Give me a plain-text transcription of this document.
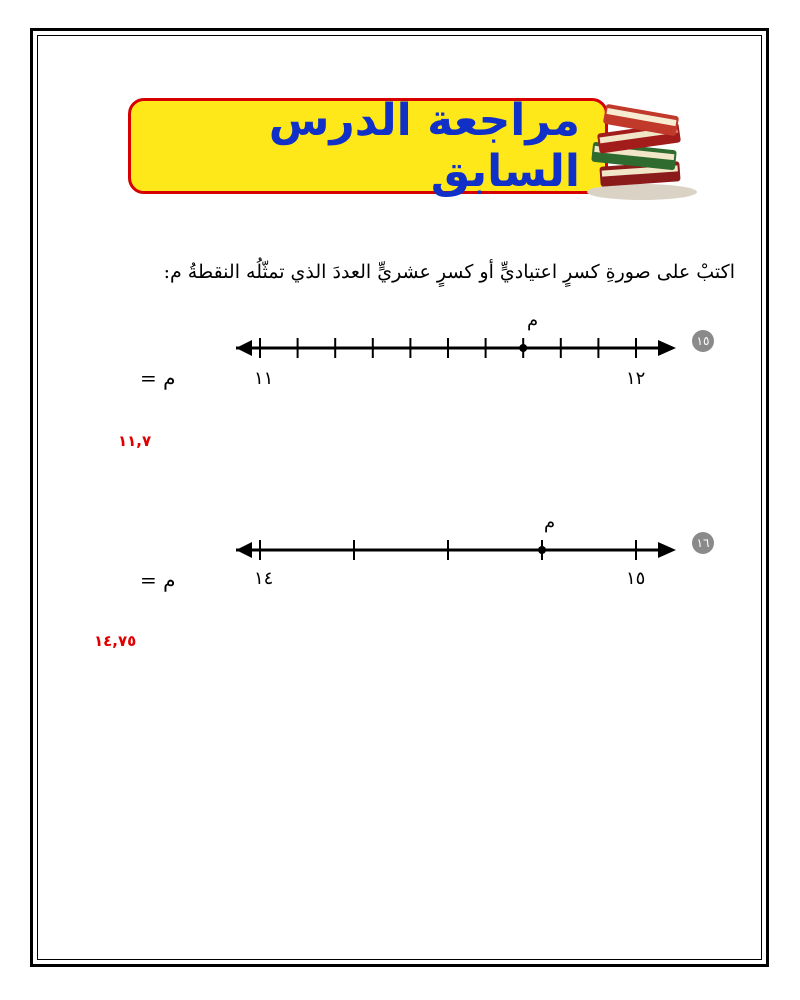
مراجعة الدرس السابق
اكتبْ على صورةِ كسرٍ اعتياديٍّ أو كسرٍ عشريٍّ العددَ الذي تمثّلُه النقطةُ م:
١٥
م
١١	١٢
م =
١١,٧
١٦
م
١٤	١٥
م =
١٤,٧٥
